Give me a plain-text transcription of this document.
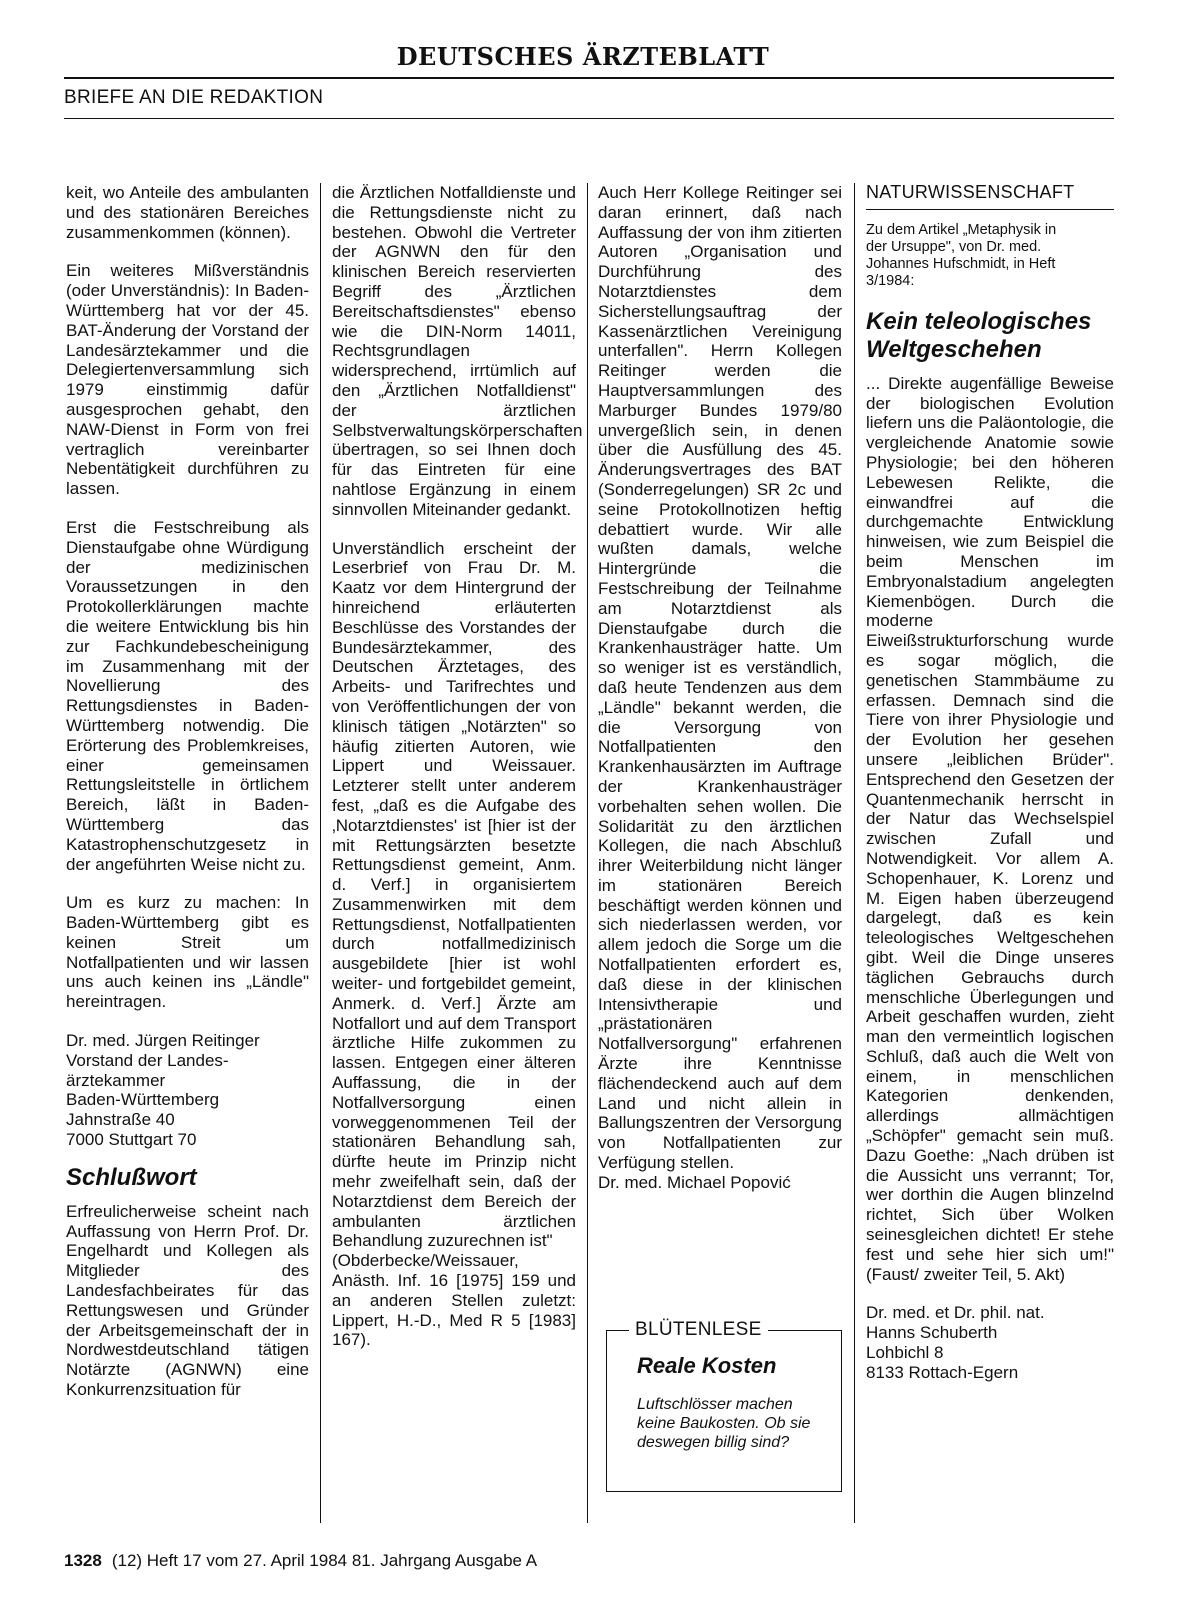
DEUTSCHES ÄRZTEBLATT
BRIEFE AN DIE REDAKTION

keit, wo Anteile des ambulanten und des stationären Bereiches zusammenkommen (können).

Ein weiteres Mißverständnis (oder Unverständnis): In Baden-Württemberg hat vor der 45. BAT-Änderung der Vorstand der Landesärztekammer und die Delegiertenversammlung sich 1979 einstimmig dafür ausgesprochen gehabt, den NAW-Dienst in Form von frei vertraglich vereinbarter Nebentätigkeit durchführen zu lassen.

Erst die Festschreibung als Dienstaufgabe ohne Würdigung der medizinischen Voraussetzungen in den Protokollerklärungen machte die weitere Entwicklung bis hin zur Fachkundebescheinigung im Zusammenhang mit der Novellierung des Rettungsdienstes in Baden-Württemberg notwendig. Die Erörterung des Problemkreises, einer gemeinsamen Rettungsleitstelle in örtlichem Bereich, läßt in Baden-Württemberg das Katastrophenschutzgesetz in der angeführten Weise nicht zu.

Um es kurz zu machen: In Baden-Württemberg gibt es keinen Streit um Notfallpatienten und wir lassen uns auch keinen ins „Ländle" hereintragen.

Dr. med. Jürgen Reitinger

Vorstand der Landes-

ärztekammer

Baden-Württemberg

Jahnstraße 40

7000 Stuttgart 70

Schlußwort

Erfreulicherweise scheint nach Auffassung von Herrn Prof. Dr. Engelhardt und Kollegen als Mitglieder des Landesfachbeirates für das Rettungswesen und Gründer der Arbeitsgemeinschaft der in Nordwestdeutschland tätigen Notärzte (AGNWN) eine Konkurrenzsituation für

die Ärztlichen Notfalldienste und die Rettungsdienste nicht zu bestehen. Obwohl die Vertreter der AGNWN den für den klinischen Bereich reservierten Begriff des „Ärztlichen Bereitschaftsdienstes" ebenso wie die DIN-Norm 14011, Rechtsgrundlagen widersprechend, irrtümlich auf den „Ärztlichen Notfalldienst" der ärztlichen Selbstverwaltungskörperschaften übertragen, so sei Ihnen doch für das Eintreten für eine nahtlose Ergänzung in einem sinnvollen Miteinander gedankt.

Unverständlich erscheint der Leserbrief von Frau Dr. M. Kaatz vor dem Hintergrund der hinreichend erläuterten Beschlüsse des Vorstandes der Bundesärztekammer, des Deutschen Ärztetages, des Arbeits- und Tarifrechtes und von Veröffentlichungen der von klinisch tätigen „Notärzten" so häufig zitierten Autoren, wie Lippert und Weissauer. Letzterer stellt unter anderem fest, „daß es die Aufgabe des ‚Notarztdienstes' ist [hier ist der mit Rettungsärzten besetzte Rettungsdienst gemeint, Anm. d. Verf.] in organisiertem Zusammenwirken mit dem Rettungsdienst, Notfallpatienten durch notfallmedizinisch ausgebildete [hier ist wohl weiter- und fortgebildet gemeint, Anmerk. d. Verf.] Ärzte am Notfallort und auf dem Transport ärztliche Hilfe zukommen zu lassen. Entgegen einer älteren Auffassung, die in der Notfallversorgung einen vorweggenommenen Teil der stationären Behandlung sah, dürfte heute im Prinzip nicht mehr zweifelhaft sein, daß der Notarztdienst dem Bereich der ambulanten ärztlichen Behandlung zuzurechnen ist"

(Obderbecke/Weissauer, Anästh. Inf. 16 [1975] 159 und an anderen Stellen zuletzt: Lippert, H.-D., Med R 5 [1983] 167).

Auch Herr Kollege Reitinger sei daran erinnert, daß nach Auffassung der von ihm zitierten Autoren „Organisation und Durchführung des Notarztdienstes dem Sicherstellungsauftrag der Kassenärztlichen Vereinigung unterfallen". Herrn Kollegen Reitinger werden die Hauptversammlungen des Marburger Bundes 1979/80 unvergeßlich sein, in denen über die Ausfüllung des 45. Änderungsvertrages des BAT (Sonderregelungen) SR 2c und seine Protokollnotizen heftig debattiert wurde. Wir alle wußten damals, welche Hintergründe die Festschreibung der Teilnahme am Notarztdienst als Dienstaufgabe durch die Krankenhausträger hatte. Um so weniger ist es verständlich, daß heute Tendenzen aus dem „Ländle" bekannt werden, die die Versorgung von Notfallpatienten den Krankenhausärzten im Auftrage der Krankenhausträger vorbehalten sehen wollen. Die Solidarität zu den ärztlichen Kollegen, die nach Abschluß ihrer Weiterbildung nicht länger im stationären Bereich beschäftigt werden können und sich niederlassen werden, vor allem jedoch die Sorge um die Notfallpatienten erfordert es, daß diese in der klinischen Intensivtherapie und „prästationären Notfallversorgung" erfahrenen Ärzte ihre Kenntnisse flächendeckend auch auf dem Land und nicht allein in Ballungszentren der Versorgung von Notfallpatienten zur Verfügung stellen.

Dr. med. Michael Popović

BLÜTENLESE
Reale Kosten
Luftschlösser machen keine Baukosten. Ob sie deswegen billig sind?
NATURWISSENSCHAFT

Zu dem Artikel „Metaphysik in

der Ursuppe", von Dr. med.

Johannes Hufschmidt, in Heft

3/1984:

Kein teleologisches Weltgeschehen

... Direkte augenfällige Beweise der biologischen Evolution liefern uns die Paläontologie, die vergleichende Anatomie sowie Physiologie; bei den höheren Lebewesen Relikte, die einwandfrei auf die durchgemachte Entwicklung hinweisen, wie zum Beispiel die beim Menschen im Embryonalstadium angelegten Kiemenbögen. Durch die moderne Eiweißstrukturforschung wurde es sogar möglich, die genetischen Stammbäume zu erfassen. Demnach sind die Tiere von ihrer Physiologie und der Evolution her gesehen unsere „leiblichen Brüder". Entsprechend den Gesetzen der Quantenmechanik herrscht in der Natur das Wechselspiel zwischen Zufall und Notwendigkeit. Vor allem A. Schopenhauer, K. Lorenz und M. Eigen haben überzeugend dargelegt, daß es kein teleologisches Weltgeschehen gibt. Weil die Dinge unseres täglichen Gebrauchs durch menschliche Überlegungen und Arbeit geschaffen wurden, zieht man den vermeintlich logischen Schluß, daß auch die Welt von einem, in menschlichen Kategorien denkenden, allerdings allmächtigen „Schöpfer" gemacht sein muß. Dazu Goethe: „Nach drüben ist die Aussicht uns verrannt; Tor, wer dorthin die Augen blinzelnd richtet, Sich über Wolken seinesgleichen dichtet! Er stehe fest und sehe hier sich um!" (Faust/ zweiter Teil, 5. Akt)

Dr. med. et Dr. phil. nat.

Hanns Schuberth

Lohbichl 8

8133 Rottach-Egern

1328 (12) Heft 17 vom 27. April 1984 81. Jahrgang Ausgabe A
